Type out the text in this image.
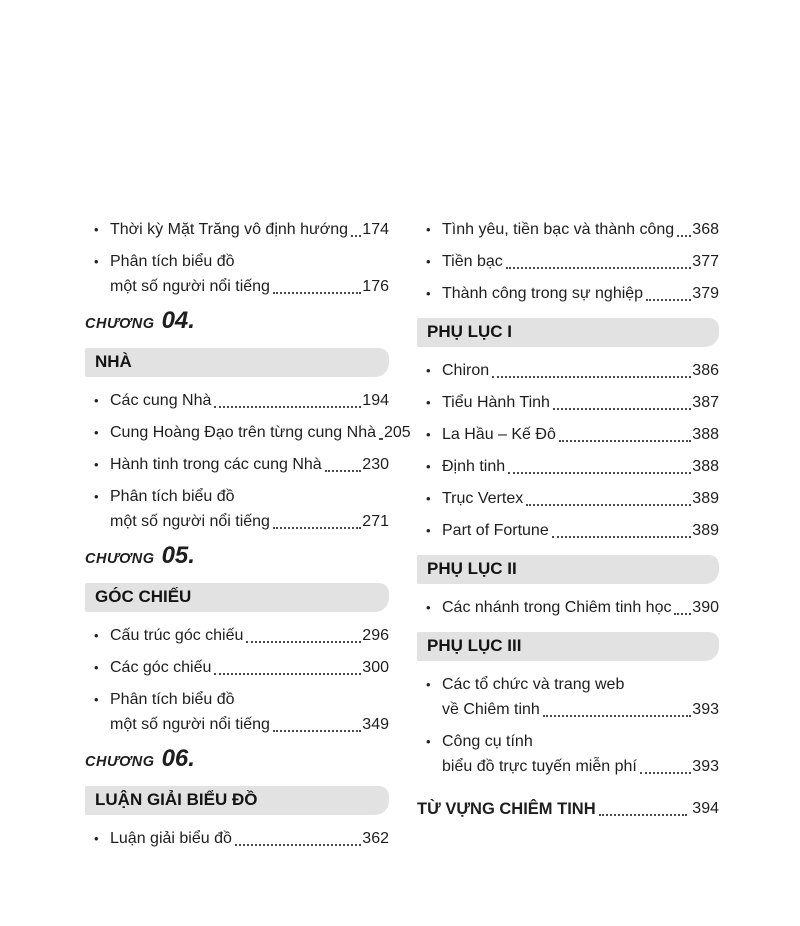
• Thời kỳ Mặt Trăng vô định hướng 174
• Phân tích biểu đồ
một số người nổi tiếng	176
CHƯƠNG 04.
NHÀ
• Các cung Nhà	194
• Cung Hoàng Đạo trên từng cung Nhà 205
• Hành tinh trong các cung Nhà	230
• Phân tích biểu đồ
một số người nổi tiếng	271
CHƯƠNG 05.
GÓC CHIẾU
• Cấu trúc góc chiếu	296
• Các góc chiếu	300
• Phân tích biểu đồ
một số người nổi tiếng	349
CHƯƠNG 06.
LUẬN GIẢI BIỂU ĐỒ
• Luận giải biểu đồ	362
• Tình yêu, tiền bạc và thành công 368
• Tiền bạc	377
• Thành công trong sự nghiệp	379
PHỤ LỤC I
• Chiron	386
• Tiểu Hành Tinh	387
• La Hầu – Kế Đô	388
• Định tinh	388
• Trục Vertex	389
• Part of Fortune	389
PHỤ LỤC II
• Các nhánh trong Chiêm tinh học 390
PHỤ LỤC III
• Các tổ chức và trang web
về Chiêm tinh	393
• Công cụ tính
biểu đồ trực tuyến miễn phí	393
TỪ VỰNG CHIÊM TINH	394
